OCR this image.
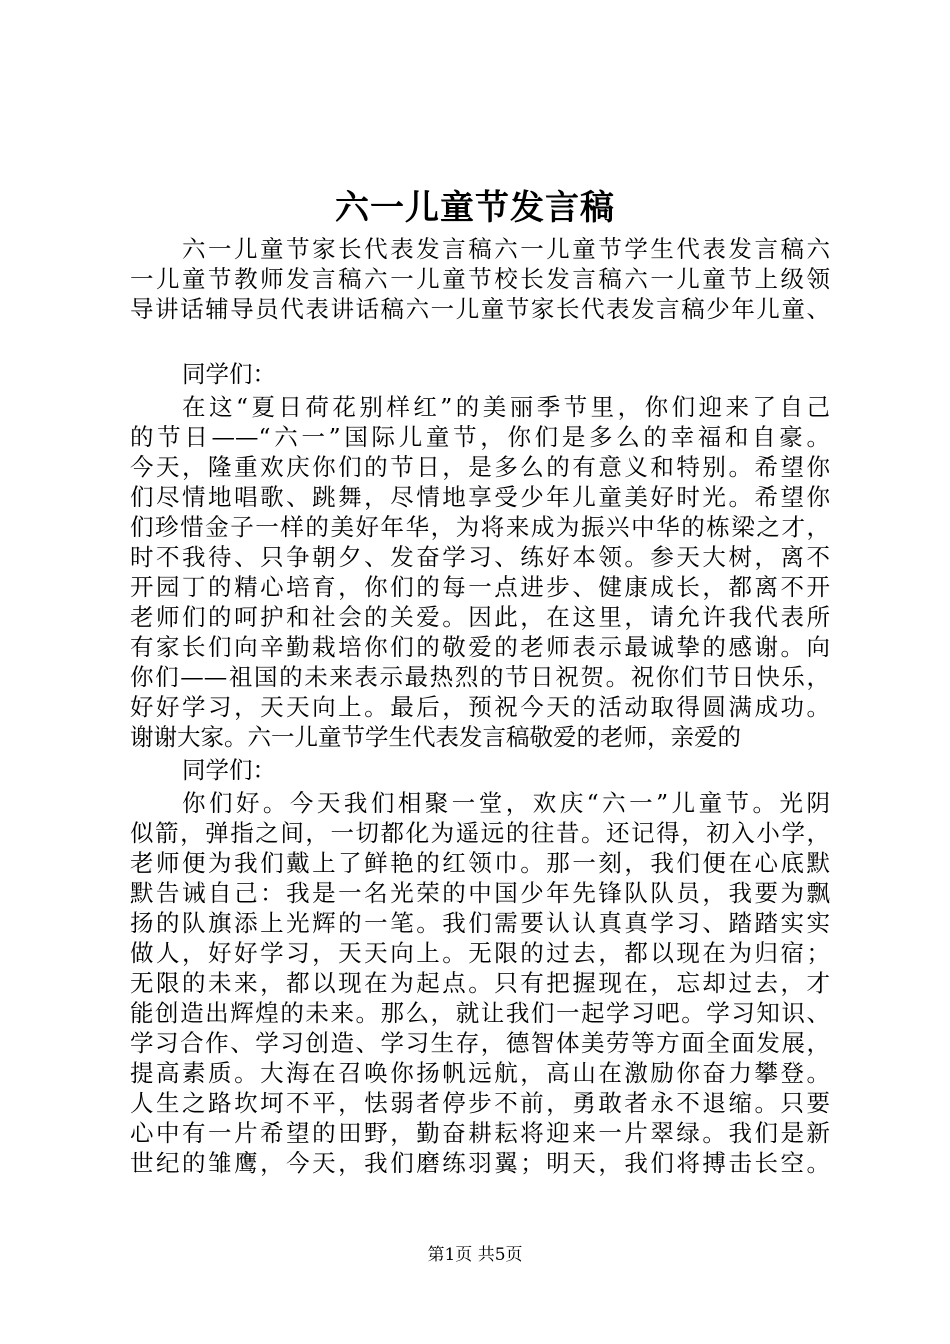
六一儿童节发言稿
六一儿童节家长代表发言稿六一儿童节学生代表发言稿六
一儿童节教师发言稿六一儿童节校长发言稿六一儿童节上级领
导讲话辅导员代表讲话稿六一儿童节家长代表发言稿少年儿童、
同学们：
在这“夏日荷花别样红”的美丽季节里，你们迎来了自己
的节日——“六一”国际儿童节，你们是多么的幸福和自豪。
今天，隆重欢庆你们的节日，是多么的有意义和特别。希望你
们尽情地唱歌、跳舞，尽情地享受少年儿童美好时光。希望你
们珍惜金子一样的美好年华，为将来成为振兴中华的栋梁之才，
时不我待、只争朝夕、发奋学习、练好本领。参天大树，离不
开园丁的精心培育，你们的每一点进步、健康成长，都离不开
老师们的呵护和社会的关爱。因此，在这里，请允许我代表所
有家长们向辛勤栽培你们的敬爱的老师表示最诚挚的感谢。向
你们——祖国的未来表示最热烈的节日祝贺。祝你们节日快乐，
好好学习，天天向上。最后，预祝今天的活动取得圆满成功。
谢谢大家。六一儿童节学生代表发言稿敬爱的老师，亲爱的
同学们：
你们好。今天我们相聚一堂，欢庆“六一”儿童节。光阴
似箭，弹指之间，一切都化为遥远的往昔。还记得，初入小学，
老师便为我们戴上了鲜艳的红领巾。那一刻，我们便在心底默
默告诫自己：我是一名光荣的中国少年先锋队队员，我要为飘
扬的队旗添上光辉的一笔。我们需要认认真真学习、踏踏实实
做人，好好学习，天天向上。无限的过去，都以现在为归宿；
无限的未来，都以现在为起点。只有把握现在，忘却过去，才
能创造出辉煌的未来。那么，就让我们一起学习吧。学习知识、
学习合作、学习创造、学习生存，德智体美劳等方面全面发展，
提高素质。大海在召唤你扬帆远航，高山在激励你奋力攀登。
人生之路坎坷不平，怯弱者停步不前，勇敢者永不退缩。只要
心中有一片希望的田野，勤奋耕耘将迎来一片翠绿。我们是新
世纪的雏鹰，今天，我们磨练羽翼；明天，我们将搏击长空。
第1页 共5页
